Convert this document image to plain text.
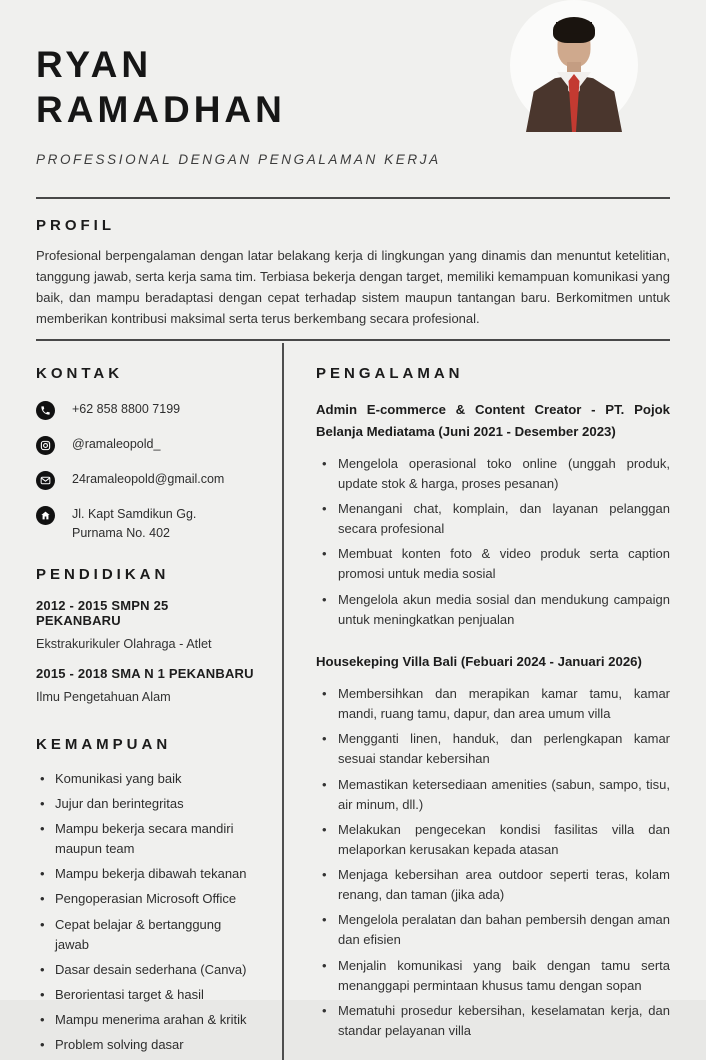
RYAN
RAMADHAN
PROFESSIONAL DENGAN PENGALAMAN KERJA
PROFIL

Profesional berpengalaman dengan latar belakang kerja di lingkungan yang dinamis dan menuntut ketelitian, tanggung jawab, serta kerja sama tim. Terbiasa bekerja dengan target, memiliki kemampuan komunikasi yang baik, dan mampu beradaptasi dengan cepat terhadap sistem maupun tantangan baru. Berkomitmen untuk memberikan kontribusi maksimal serta terus berkembang secara profesional.

KONTAK
+62 858 8800 7199
@ramaleopold_
24ramaleopold@gmail.com
Jl. Kapt Samdikun Gg. Purnama No. 402
PENDIDIKAN
2012 - 2015 SMPN 25 PEKANBARU
Ekstrakurikuler Olahraga - Atlet
2015 - 2018 SMA N 1 PEKANBARU
Ilmu Pengetahuan Alam
KEMAMPUAN
• Komunikasi yang baik
• Jujur dan berintegritas
• Mampu bekerja secara mandiri maupun team
• Mampu bekerja dibawah tekanan
• Pengoperasian Microsoft Office
• Cepat belajar & bertanggung jawab
• Dasar desain sederhana (Canva)
• Berorientasi target & hasil
• Mampu menerima arahan & kritik
• Problem solving dasar
PENGALAMAN
Admin E-commerce & Content Creator - PT. Pojok Belanja Mediatama (Juni 2021 - Desember 2023)
• Mengelola operasional toko online (unggah produk, update stok & harga, proses pesanan)
• Menangani chat, komplain, dan layanan pelanggan secara profesional
• Membuat konten foto & video produk serta caption promosi untuk media sosial
• Mengelola akun media sosial dan mendukung campaign untuk meningkatkan penjualan
Housekeping Villa Bali (Febuari 2024 - Januari 2026)
• Membersihkan dan merapikan kamar tamu, kamar mandi, ruang tamu, dapur, dan area umum villa
• Mengganti linen, handuk, dan perlengkapan kamar sesuai standar kebersihan
• Memastikan ketersediaan amenities (sabun, sampo, tisu, air minum, dll.)
• Melakukan pengecekan kondisi fasilitas villa dan melaporkan kerusakan kepada atasan
• Menjaga kebersihan area outdoor seperti teras, kolam renang, dan taman (jika ada)
• Mengelola peralatan dan bahan pembersih dengan aman dan efisien
• Menjalin komunikasi yang baik dengan tamu serta menanggapi permintaan khusus tamu dengan sopan
• Mematuhi prosedur kebersihan, keselamatan kerja, dan standar pelayanan villa
